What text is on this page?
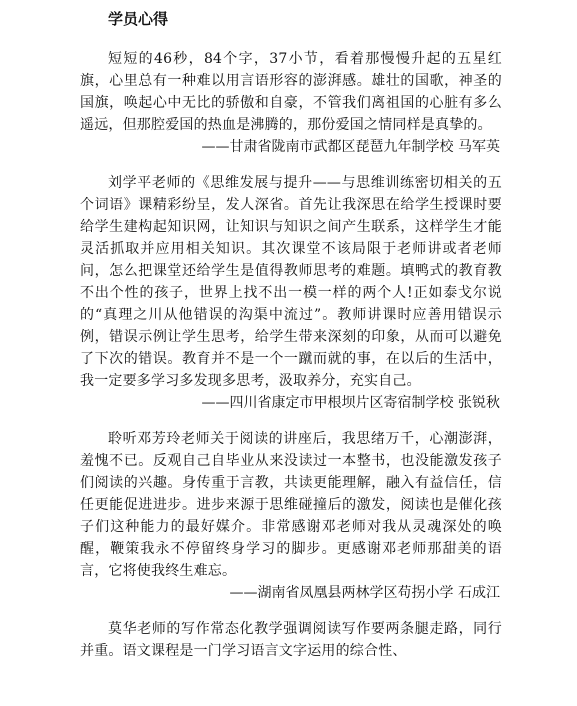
学员心得

短短的46秒，84个字，37小节，看着那慢慢升起的五星红旗，心里总有一种难以用言语形容的澎湃感。雄壮的国歌，神圣的国旗，唤起心中无比的骄傲和自豪，不管我们离祖国的心脏有多么遥远，但那腔爱国的热血是沸腾的，那份爱国之情同样是真挚的。

——甘肃省陇南市武都区琵琶九年制学校 马军英

刘学平老师的《思维发展与提升——与思维训练密切相关的五个词语》课精彩纷呈，发人深省。首先让我深思在给学生授课时要给学生建构起知识网，让知识与知识之间产生联系，这样学生才能灵活抓取并应用相关知识。其次课堂不该局限于老师讲或者老师问，怎么把课堂还给学生是值得教师思考的难题。填鸭式的教育教不出个性的孩子，世界上找不出一模一样的两个人!正如泰戈尔说的“真理之川从他错误的沟渠中流过”。教师讲课时应善用错误示例，错误示例让学生思考，给学生带来深刻的印象，从而可以避免了下次的错误。教育并不是一个一蹴而就的事，在以后的生活中，我一定要多学习多发现多思考，汲取养分，充实自己。

——四川省康定市甲根坝片区寄宿制学校 张锐秋

聆听邓芳玲老师关于阅读的讲座后，我思绪万千，心潮澎湃，羞愧不已。反观自己自毕业从来没读过一本整书，也没能激发孩子们阅读的兴趣。身传重于言教，共读更能理解，融入有益信任，信任更能促进进步。进步来源于思维碰撞后的激发，阅读也是催化孩子们这种能力的最好媒介。非常感谢邓老师对我从灵魂深处的唤醒，鞭策我永不停留终身学习的脚步。更感谢邓老师那甜美的语言，它将使我终生难忘。

——湖南省凤凰县两林学区苟拐小学 石成江

莫华老师的写作常态化教学强调阅读写作要两条腿走路，同行并重。语文课程是一门学习语言文字运用的综合性、
